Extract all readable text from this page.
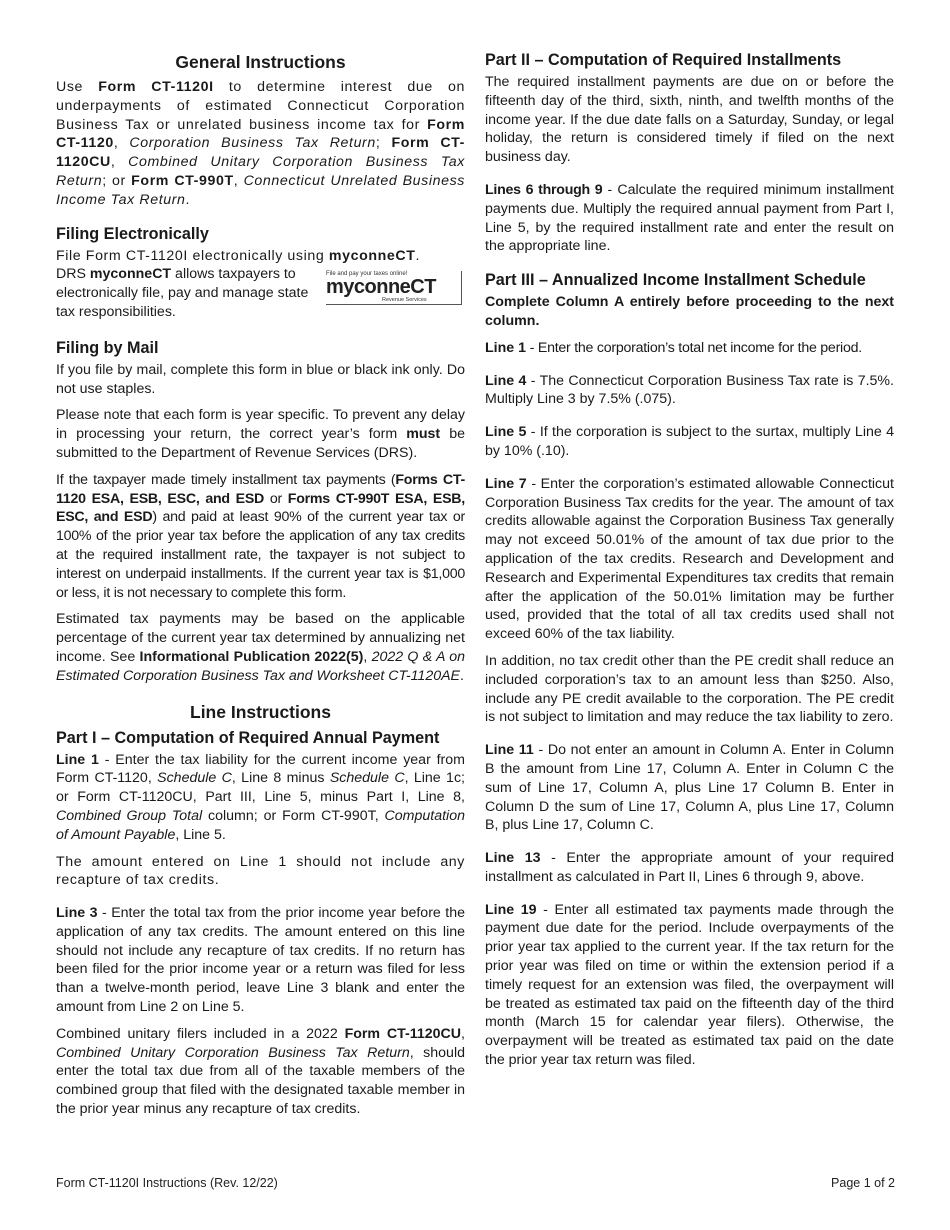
General Instructions

Use Form CT-1120I to determine interest due on underpayments of estimated Connecticut Corporation Business Tax or unrelated business income tax for Form CT-1120, Corporation Business Tax Return; Form CT-1120CU, Combined Unitary Corporation Business Tax Return; or Form CT-990T, Connecticut Unrelated Business Income Tax Return.

Filing Electronically

File Form CT-1120I electronically using myconneCT.

DRS myconneCT allows taxpayers to electronically file, pay and manage state tax responsibilities.

File and pay your taxes online!
myconneCT
Revenue Services
Filing by Mail

If you file by mail, complete this form in blue or black ink only. Do not use staples.

Please note that each form is year specific. To prevent any delay in processing your return, the correct year’s form must be submitted to the Department of Revenue Services (DRS).

If the taxpayer made timely installment tax payments (Forms CT-1120 ESA, ESB, ESC, and ESD or Forms CT-990T ESA, ESB, ESC, and ESD) and paid at least 90% of the current year tax or 100% of the prior year tax before the application of any tax credits at the required installment rate, the taxpayer is not subject to interest on underpaid installments. If the current year tax is $1,000 or less, it is not necessary to complete this form.

Estimated tax payments may be based on the applicable percentage of the current year tax determined by annualizing net income. See Informational Publication 2022(5), 2022 Q & A on Estimated Corporation Business Tax and Worksheet CT-1120AE.

Line Instructions
Part I – Computation of Required Annual Payment

Line 1 - Enter the tax liability for the current income year from Form CT-1120, Schedule C, Line 8 minus Schedule C, Line 1c; or Form CT-1120CU, Part III, Line 5, minus Part I, Line 8, Combined Group Total column; or Form CT-990T, Computation of Amount Payable, Line 5.

The amount entered on Line 1 should not include any recapture of tax credits.

Line 3 - Enter the total tax from the prior income year before the application of any tax credits. The amount entered on this line should not include any recapture of tax credits. If no return has been filed for the prior income year or a return was filed for less than a twelve-month period, leave Line 3 blank and enter the amount from Line 2 on Line 5.

Combined unitary filers included in a 2022 Form CT-1120CU, Combined Unitary Corporation Business Tax Return, should enter the total tax due from all of the taxable members of the combined group that filed with the designated taxable member in the prior year minus any recapture of tax credits.

Part II – Computation of Required Installments

The required installment payments are due on or before the fifteenth day of the third, sixth, ninth, and twelfth months of the income year. If the due date falls on a Saturday, Sunday, or legal holiday, the return is considered timely if filed on the next business day.

Lines 6 through 9 - Calculate the required minimum installment payments due. Multiply the required annual payment from Part I, Line 5, by the required installment rate and enter the result on the appropriate line.

Part III – Annualized Income Installment Schedule

Complete Column A entirely before proceeding to the next column.

Line 1 - Enter the corporation’s total net income for the period.

Line 4 - The Connecticut Corporation Business Tax rate is 7.5%. Multiply Line 3 by 7.5% (.075).

Line 5 - If the corporation is subject to the surtax, multiply Line 4 by 10% (.10).

Line 7 - Enter the corporation’s estimated allowable Connecticut Corporation Business Tax credits for the year. The amount of tax credits allowable against the Corporation Business Tax generally may not exceed 50.01% of the amount of tax due prior to the application of the tax credits. Research and Development and Research and Experimental Expenditures tax credits that remain after the application of the 50.01% limitation may be further used, provided that the total of all tax credits used shall not exceed 60% of the tax liability.

In addition, no tax credit other than the PE credit shall reduce an included corporation’s tax to an amount less than $250. Also, include any PE credit available to the corporation. The PE credit is not subject to limitation and may reduce the tax liability to zero.

Line 11 - Do not enter an amount in Column A. Enter in Column B the amount from Line 17, Column A. Enter in Column C the sum of Line 17, Column A, plus Line 17 Column B. Enter in Column D the sum of Line 17, Column A, plus Line 17, Column B, plus Line 17, Column C.

Line 13 - Enter the appropriate amount of your required installment as calculated in Part II, Lines 6 through 9, above.

Line 19 - Enter all estimated tax payments made through the payment due date for the period. Include overpayments of the prior year tax applied to the current year. If the tax return for the prior year was filed on time or within the extension period if a timely request for an extension was filed, the overpayment will be treated as estimated tax paid on the fifteenth day of the third month (March 15 for calendar year filers). Otherwise, the overpayment will be treated as estimated tax paid on the date the prior year tax return was filed.

Form CT-1120I Instructions (Rev. 12/22)	Page 1 of 2
